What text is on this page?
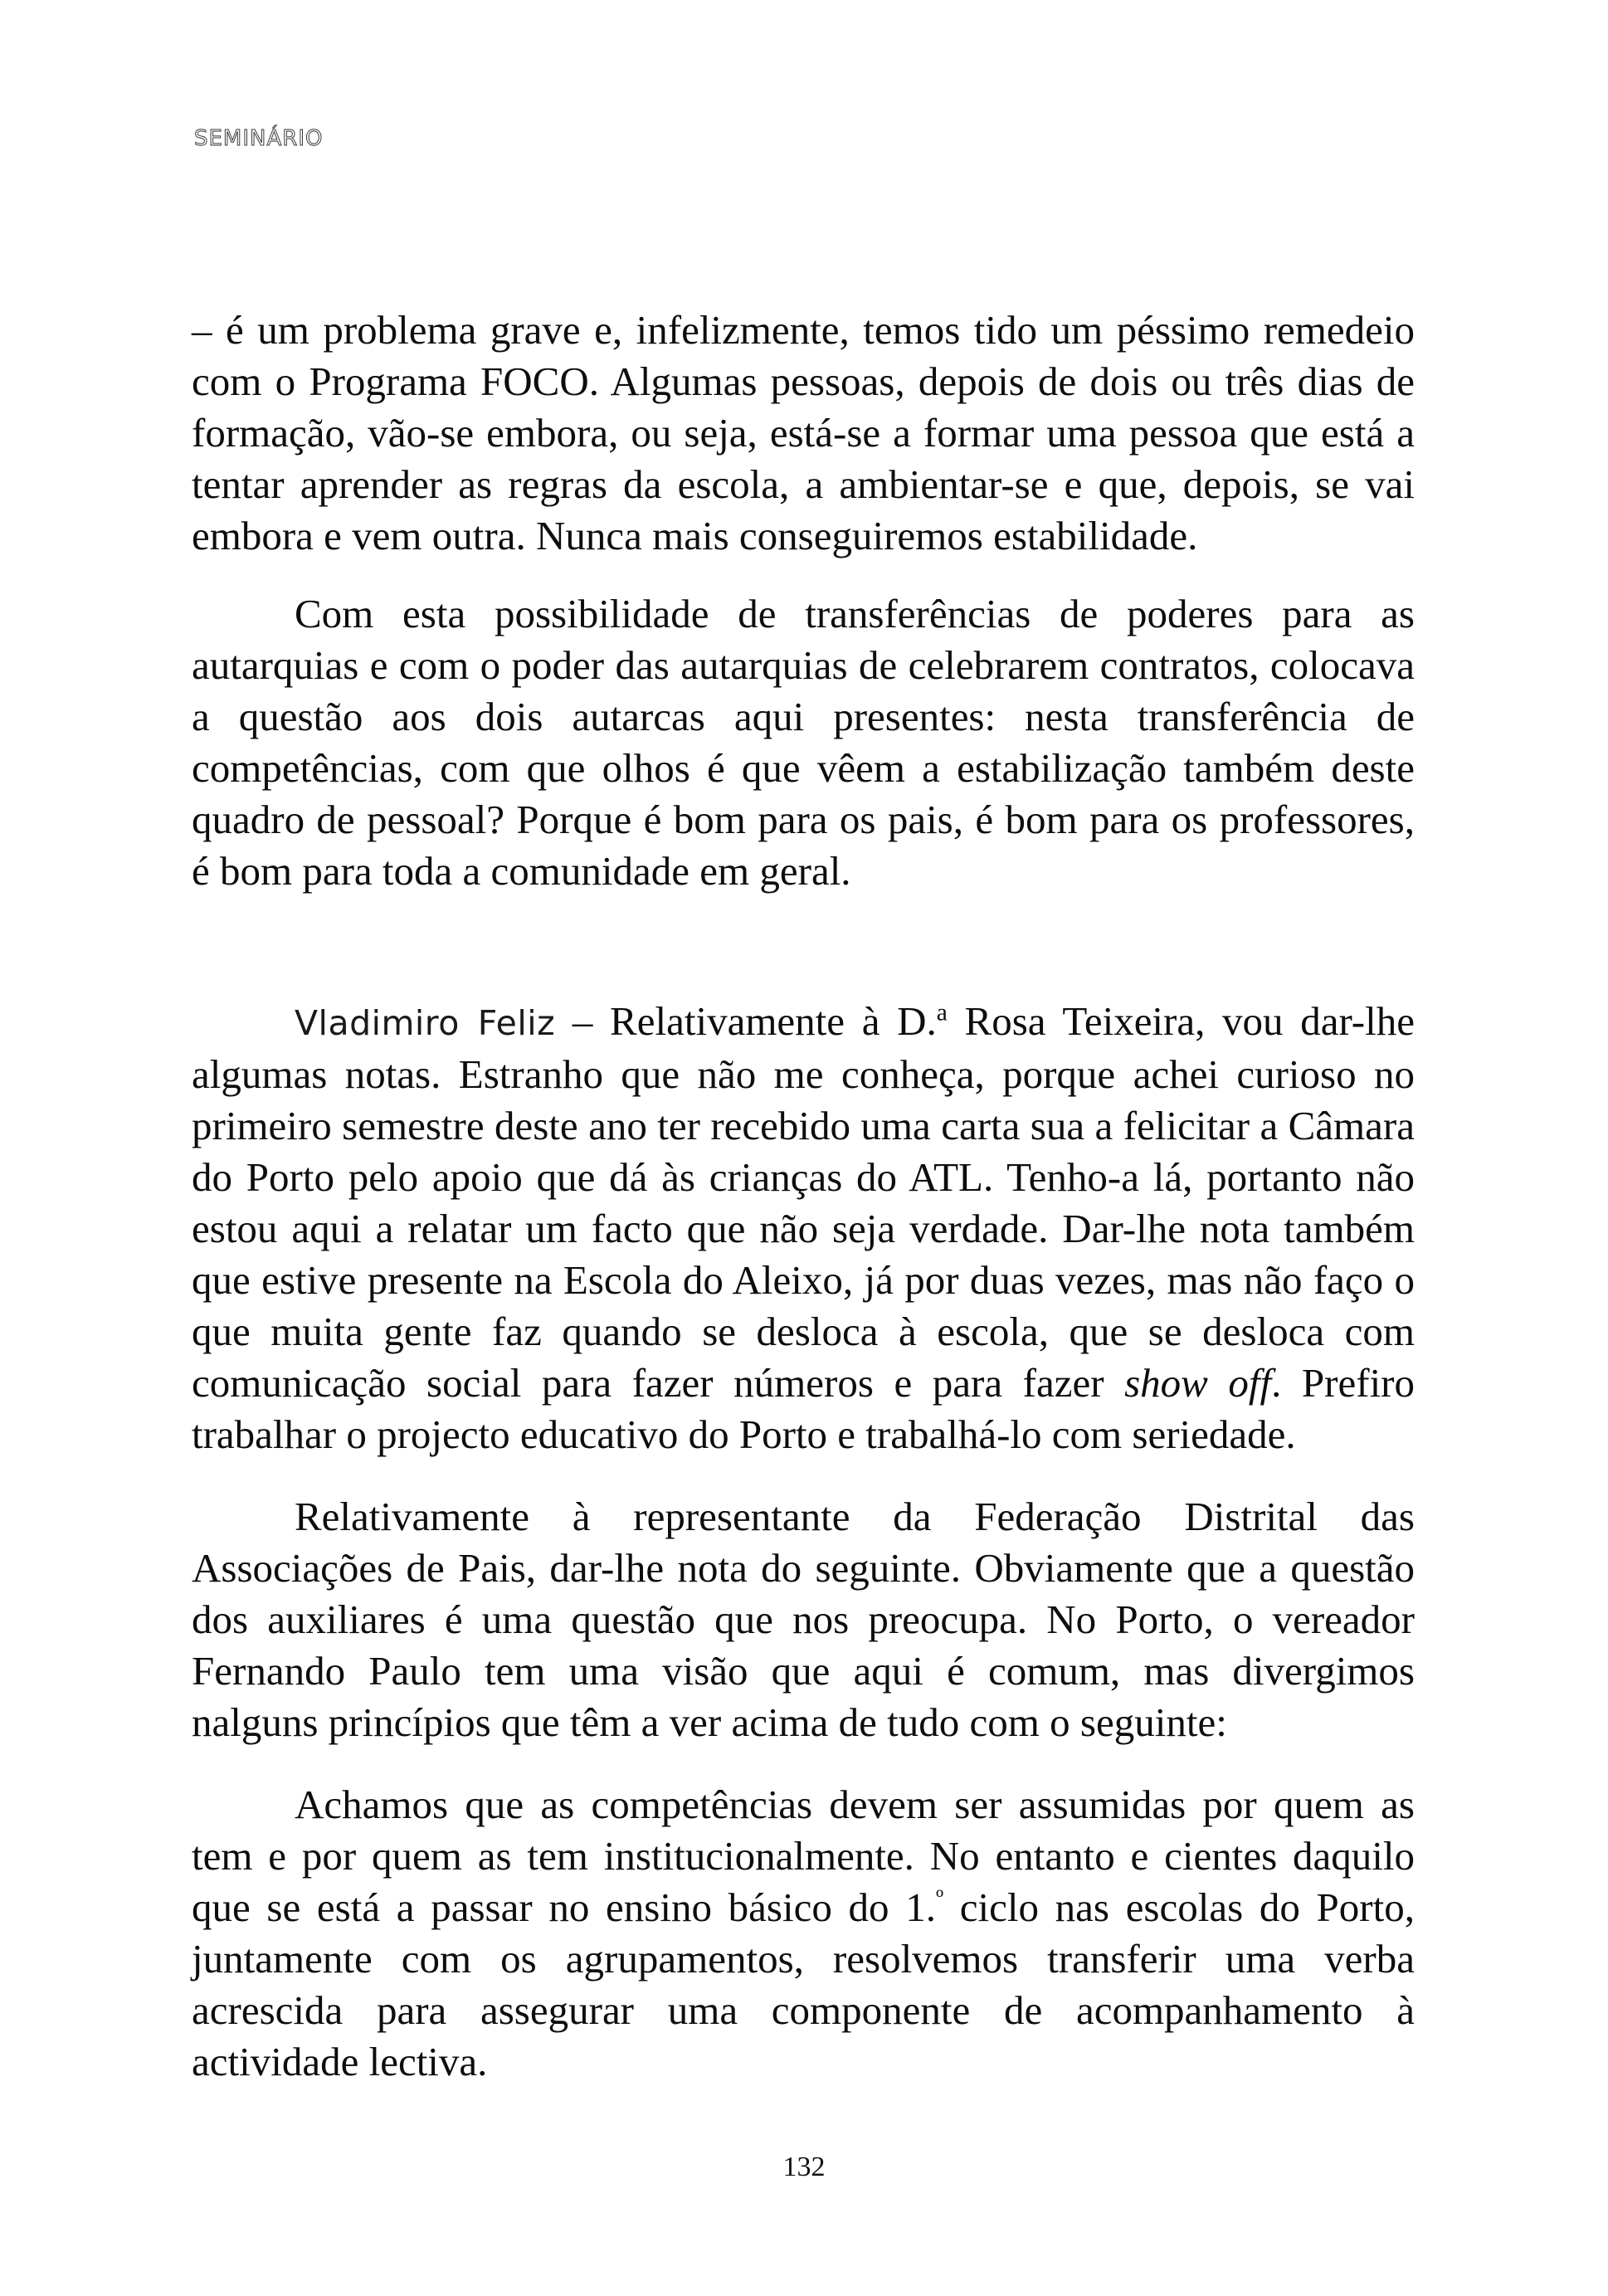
SEMINÁRIO

– é um problema grave e, infelizmente, temos tido um péssimo remedeio com o Programa FOCO. Algumas pessoas, depois de dois ou três dias de formação, vão-se embora, ou seja, está-se a formar uma pessoa que está a tentar aprender as regras da escola, a ambientar-se e que, depois, se vai embora e vem outra. Nunca mais conseguiremos estabilidade.

Com esta possibilidade de transferências de poderes para as autarquias e com o poder das autarquias de celebrarem contratos, colocava a questão aos dois autarcas aqui presentes: nesta transferência de competências, com que olhos é que vêem a estabilização também deste quadro de pessoal? Porque é bom para os pais, é bom para os professores, é bom para toda a comunidade em geral.

Vladimiro Feliz – Relativamente à D.$^a$ Rosa Teixeira, vou dar-lhe algumas notas. Estranho que não me conheça, porque achei curioso no primeiro semestre deste ano ter recebido uma carta sua a felicitar a Câmara do Porto pelo apoio que dá às crianças do ATL. Tenho-a lá, portanto não estou aqui a relatar um facto que não seja verdade. Dar-lhe nota também que estive presente na Escola do Aleixo, já por duas vezes, mas não faço o que muita gente faz quando se desloca à escola, que se desloca com comunicação social para fazer números e para fazer show off. Prefiro trabalhar o projecto educativo do Porto e trabalhá-lo com seriedade.

Relativamente à representante da Federação Distrital das Associações de Pais, dar-lhe nota do seguinte. Obviamente que a questão dos auxiliares é uma questão que nos preocupa. No Porto, o vereador Fernando Paulo tem uma visão que aqui é comum, mas divergimos nalguns princípios que têm a ver acima de tudo com o seguinte:

Achamos que as competências devem ser assumidas por quem as tem e por quem as tem institucionalmente. No entanto e cientes daquilo que se está a passar no ensino básico do 1.$^º$ ciclo nas escolas do Porto, juntamente com os agrupamentos, resolvemos transferir uma verba acrescida para assegurar uma componente de acompanhamento à actividade lectiva.

132
